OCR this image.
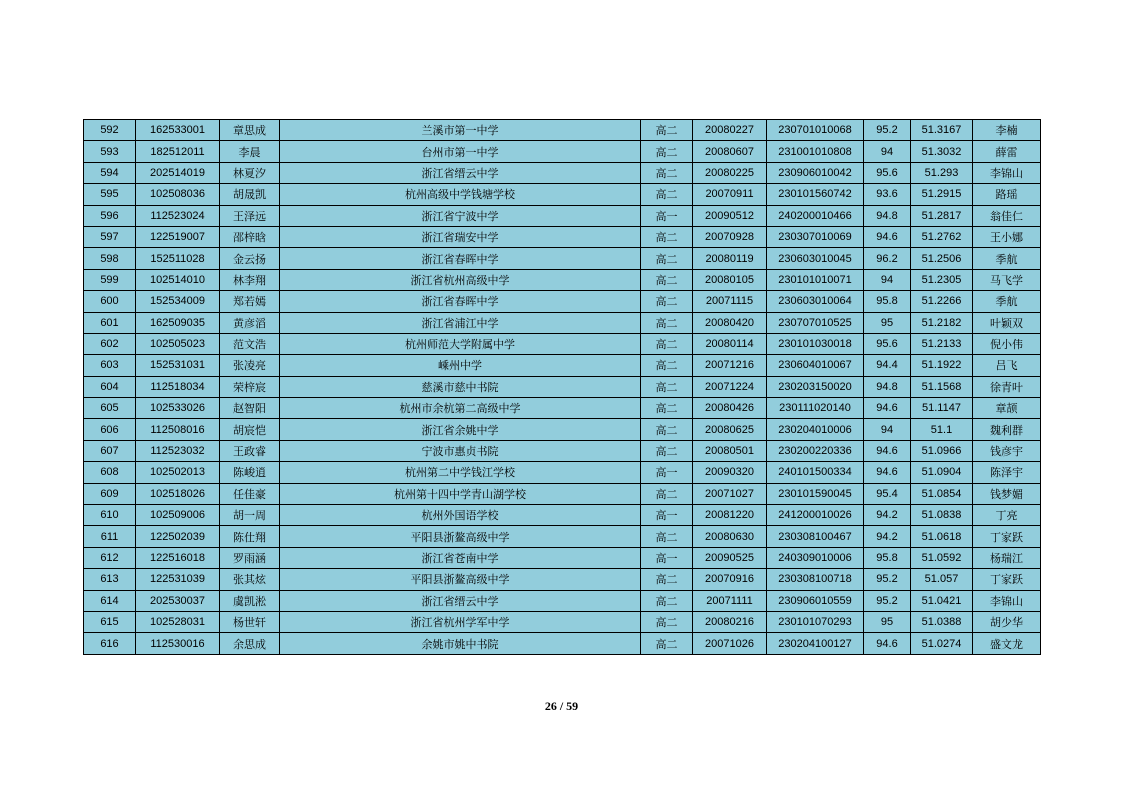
592	162533001	章思成	兰溪市第一中学	高二	20080227	230701010068	95.2	51.3167	李楠
593	182512011	李晨	台州市第一中学	高二	20080607	231001010808	94	51.3032	薛雷
594	202514019	林夏汐	浙江省缙云中学	高二	20080225	230906010042	95.6	51.293	李锦山
595	102508036	胡晟凯	杭州高级中学钱塘学校	高二	20070911	230101560742	93.6	51.2915	路瑶
596	112523024	王泽远	浙江省宁波中学	高一	20090512	240200010466	94.8	51.2817	翁佳仁
597	122519007	邵梓晗	浙江省瑞安中学	高二	20070928	230307010069	94.6	51.2762	王小娜
598	152511028	金云扬	浙江省春晖中学	高二	20080119	230603010045	96.2	51.2506	季航
599	102514010	林李翔	浙江省杭州高级中学	高二	20080105	230101010071	94	51.2305	马飞学
600	152534009	郑若嫣	浙江省春晖中学	高二	20071115	230603010064	95.8	51.2266	季航
601	162509035	黄彦滔	浙江省浦江中学	高二	20080420	230707010525	95	51.2182	叶颖双
602	102505023	范文浩	杭州师范大学附属中学	高二	20080114	230101030018	95.6	51.2133	倪小伟
603	152531031	张凌亮	嵊州中学	高二	20071216	230604010067	94.4	51.1922	吕飞
604	112518034	荣梓宸	慈溪市慈中书院	高二	20071224	230203150020	94.8	51.1568	徐青叶
605	102533026	赵智阳	杭州市余杭第二高级中学	高二	20080426	230111020140	94.6	51.1147	章颉
606	112508016	胡宸恺	浙江省余姚中学	高二	20080625	230204010006	94	51.1	魏利群
607	112523032	王政睿	宁波市惠贞书院	高二	20080501	230200220336	94.6	51.0966	钱彦宇
608	102502013	陈峻逍	杭州第二中学钱江学校	高一	20090320	240101500334	94.6	51.0904	陈泽宇
609	102518026	任佳豪	杭州第十四中学青山湖学校	高二	20071027	230101590045	95.4	51.0854	钱梦媚
610	102509006	胡一周	杭州外国语学校	高一	20081220	241200010026	94.2	51.0838	丁亮
611	122502039	陈仕翔	平阳县浙鳌高级中学	高二	20080630	230308100467	94.2	51.0618	丁家跃
612	122516018	罗雨涵	浙江省苍南中学	高一	20090525	240309010006	95.8	51.0592	杨瑞江
613	122531039	张其炫	平阳县浙鳌高级中学	高二	20070916	230308100718	95.2	51.057	丁家跃
614	202530037	虞凯淞	浙江省缙云中学	高二	20071111	230906010559	95.2	51.0421	李锦山
615	102528031	杨世轩	浙江省杭州学军中学	高二	20080216	230101070293	95	51.0388	胡少华
616	112530016	余思成	余姚市姚中书院	高二	20071026	230204100127	94.6	51.0274	盛文龙
26 / 59
